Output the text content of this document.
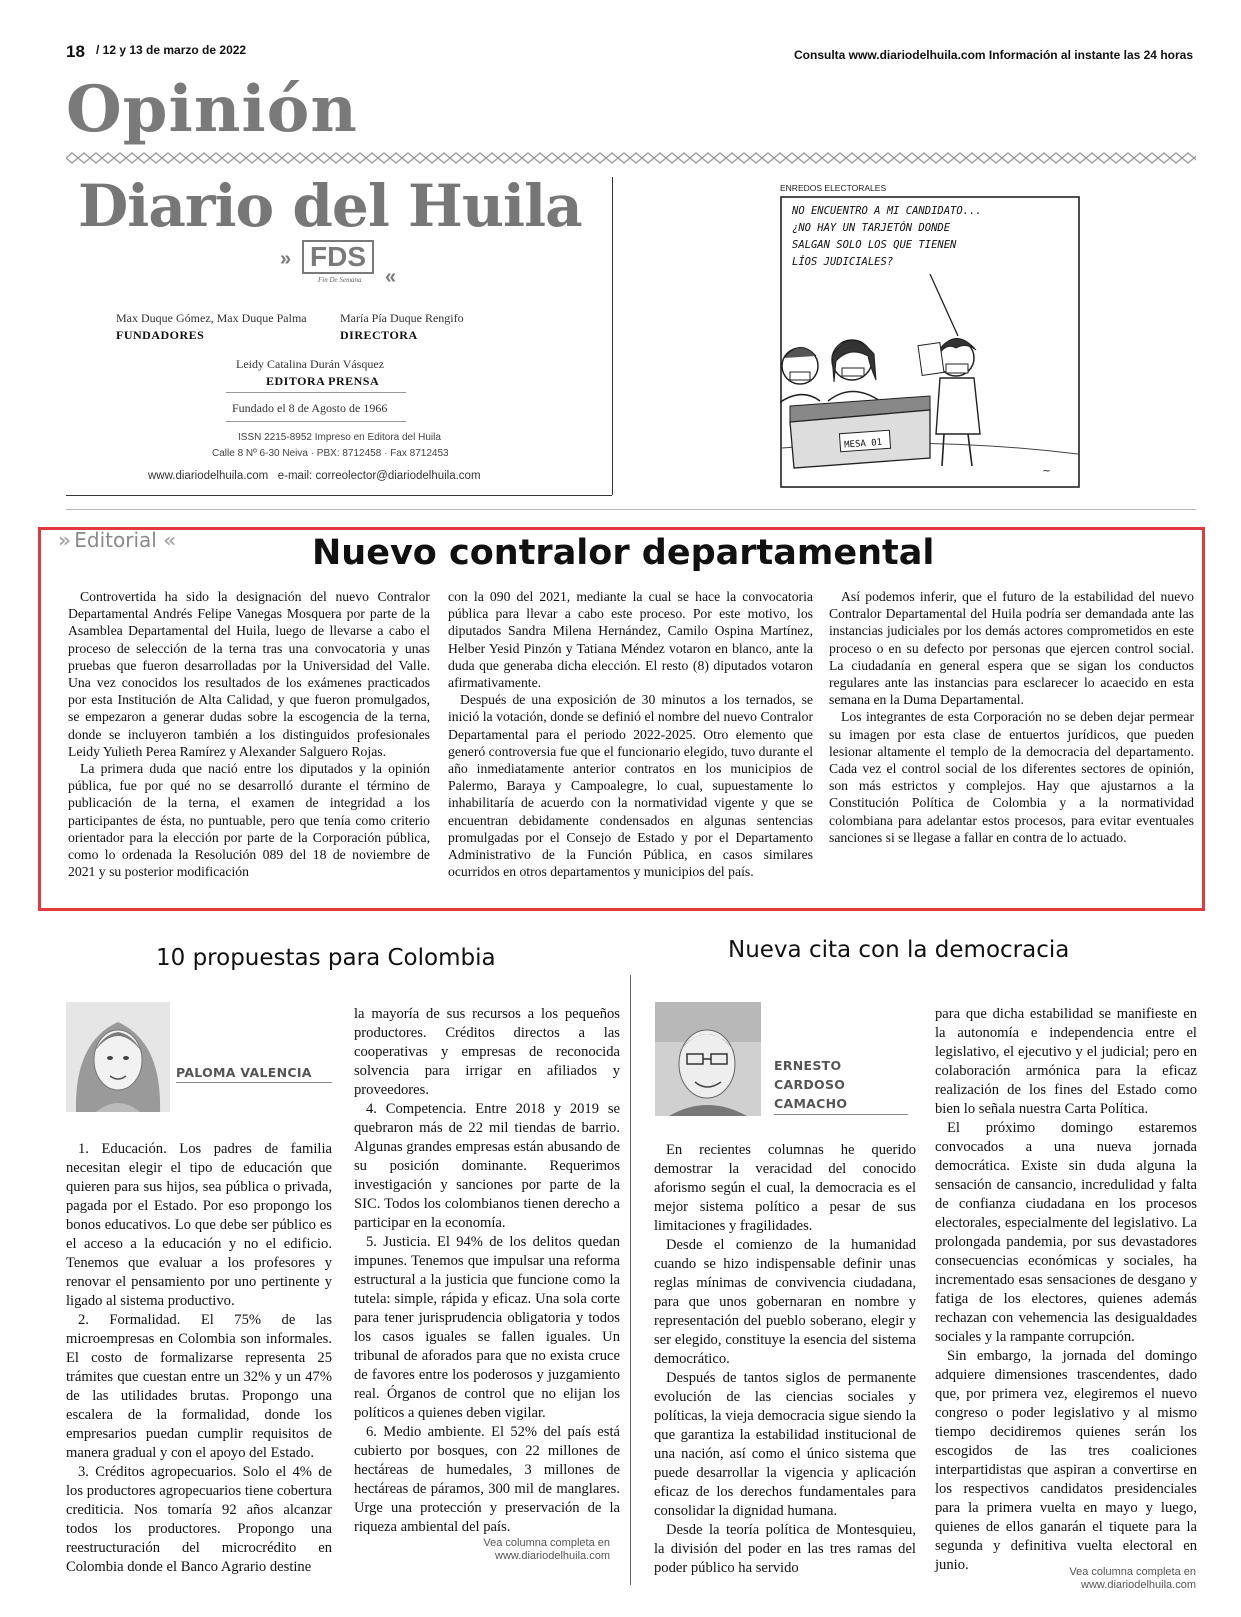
18 / 12 y 13 de marzo de 2022	Consulta www.diariodelhuila.com Información al instante las 24 horas
Opinión
Diario del Huila
» FDS
Fin De Semana «
Max Duque Gómez, Max Duque Palma
FUNDADORES
María Pía Duque Rengifo
DIRECTORA
Leidy Catalina Durán Vásquez
EDITORA PRENSA
Fundado el 8 de Agosto de 1966
ISSN 2215-8952 Impreso en Editora del Huila
Calle 8 Nº 6-30 Neiva · PBX: 8712458 · Fax 8712453
www.diariodelhuila.com   e-mail: correolector@diariodelhuila.com
ENREDOS ELECTORALES
NO ENCUENTRO A MI CANDIDATO...
¿NO HAY UN TARJETÓN DONDE
SALGAN SOLO LOS QUE TIENEN
LÍOS JUDICIALES?
MESA 01
~
» Editorial «	Nuevo contralor departamental

Controvertida ha sido la designación del nuevo Contralor Departamental Andrés Felipe Vanegas Mosquera por parte de la Asamblea Departamental del Huila, luego de llevarse a cabo el proceso de selección de la terna tras una convocatoria y unas pruebas que fueron desarrolladas por la Universidad del Valle. Una vez conocidos los resultados de los exámenes practicados por esta Institución de Alta Calidad, y que fueron promulgados, se empezaron a generar dudas sobre la escogencia de la terna, donde se incluyeron también a los distinguidos profesionales Leidy Yulieth Perea Ramírez y Alexander Salguero Rojas.

La primera duda que nació entre los diputados y la opinión pública, fue por qué no se desarrolló durante el término de publicación de la terna, el examen de integridad a los participantes de ésta, no puntuable, pero que tenía como criterio orientador para la elección por parte de la Corporación pública, como lo ordenada la Resolución 089 del 18 de noviembre de 2021 y su posterior modificación

con la 090 del 2021, mediante la cual se hace la convocatoria pública para llevar a cabo este proceso. Por este motivo, los diputados Sandra Milena Hernández, Camilo Ospina Martínez, Helber Yesid Pinzón y Tatiana Méndez votaron en blanco, ante la duda que generaba dicha elección. El resto (8) diputados votaron afirmativamente.

Después de una exposición de 30 minutos a los ternados, se inició la votación, donde se definió el nombre del nuevo Contralor Departamental para el periodo 2022-2025. Otro elemento que generó controversia fue que el funcionario elegido, tuvo durante el año inmediatamente anterior contratos en los municipios de Palermo, Baraya y Campoalegre, lo cual, supuestamente lo inhabilitaría de acuerdo con la normatividad vigente y que se encuentran debidamente condensados en algunas sentencias promulgadas por el Consejo de Estado y por el Departamento Administrativo de la Función Pública, en casos similares ocurridos en otros departamentos y municipios del país.

Así podemos inferir, que el futuro de la estabilidad del nuevo Contralor Departamental del Huila podría ser demandada ante las instancias judiciales por los demás actores comprometidos en este proceso o en su defecto por personas que ejercen control social. La ciudadanía en general espera que se sigan los conductos regulares ante las instancias para esclarecer lo acaecido en esta semana en la Duma Departamental.

Los integrantes de esta Corporación no se deben dejar permear su imagen por esta clase de entuertos jurídicos, que pueden lesionar altamente el templo de la democracia del departamento. Cada vez el control social de los diferentes sectores de opinión, son más estrictos y complejos. Hay que ajustarnos a la Constitución Política de Colombia y a la normatividad colombiana para adelantar estos procesos, para evitar eventuales sanciones si se llegase a fallar en contra de lo actuado.

10 propuestas para Colombia
PALOMA VALENCIA

1. Educación. Los padres de familia necesitan elegir el tipo de educación que quieren para sus hijos, sea pública o privada, pagada por el Estado. Por eso propongo los bonos educativos. Lo que debe ser público es el acceso a la educación y no el edificio. Tenemos que evaluar a los profesores y renovar el pensamiento por uno pertinente y ligado al sistema productivo.

2. Formalidad. El 75% de las microempresas en Colombia son informales. El costo de formalizarse representa 25 trámites que cuestan entre un 32% y un 47% de las utilidades brutas. Propongo una escalera de la formalidad, donde los empresarios puedan cumplir requisitos de manera gradual y con el apoyo del Estado.

3. Créditos agropecuarios. Solo el 4% de los productores agropecuarios tiene cobertura crediticia. Nos tomaría 92 años alcanzar todos los productores. Propongo una reestructuración del microcrédito en Colombia donde el Banco Agrario destine

la mayoría de sus recursos a los pequeños productores. Créditos directos a las cooperativas y empresas de reconocida solvencia para irrigar en afiliados y proveedores.

4. Competencia. Entre 2018 y 2019 se quebraron más de 22 mil tiendas de barrio. Algunas grandes empresas están abusando de su posición dominante. Requerimos investigación y sanciones por parte de la SIC. Todos los colombianos tienen derecho a participar en la economía.

5. Justicia. El 94% de los delitos quedan impunes. Tenemos que impulsar una reforma estructural a la justicia que funcione como la tutela: simple, rápida y eficaz. Una sola corte para tener jurisprudencia obligatoria y todos los casos iguales se fallen iguales. Un tribunal de aforados para que no exista cruce de favores entre los poderosos y juzgamiento real. Órganos de control que no elijan los políticos a quienes deben vigilar.

6. Medio ambiente. El 52% del país está cubierto por bosques, con 22 millones de hectáreas de humedales, 3 millones de hectáreas de páramos, 300 mil de manglares. Urge una protección y preservación de la riqueza ambiental del país.

Vea columna completa en
www.diariodelhuila.com
Nueva cita con la democracia
ERNESTO
CARDOSO
CAMACHO

En recientes columnas he querido demostrar la veracidad del conocido aforismo según el cual, la democracia es el mejor sistema político a pesar de sus limitaciones y fragilidades.

Desde el comienzo de la humanidad cuando se hizo indispensable definir unas reglas mínimas de convivencia ciudadana, para que unos gobernaran en nombre y representación del pueblo soberano, elegir y ser elegido, constituye la esencia del sistema democrático.

Después de tantos siglos de permanente evolución de las ciencias sociales y políticas, la vieja democracia sigue siendo la que garantiza la estabilidad institucional de una nación, así como el único sistema que puede desarrollar la vigencia y aplicación eficaz de los derechos fundamentales para consolidar la dignidad humana.

Desde la teoría política de Montesquieu, la división del poder en las tres ramas del poder público ha servido

para que dicha estabilidad se manifieste en la autonomía e independencia entre el legislativo, el ejecutivo y el judicial; pero en colaboración armónica para la eficaz realización de los fines del Estado como bien lo señala nuestra Carta Política.

El próximo domingo estaremos convocados a una nueva jornada democrática. Existe sin duda alguna la sensación de cansancio, incredulidad y falta de confianza ciudadana en los procesos electorales, especialmente del legislativo. La prolongada pandemia, por sus devastadores consecuencias económicas y sociales, ha incrementado esas sensaciones de desgano y fatiga de los electores, quienes además rechazan con vehemencia las desigualdades sociales y la rampante corrupción.

Sin embargo, la jornada del domingo adquiere dimensiones trascendentes, dado que, por primera vez, elegiremos el nuevo congreso o poder legislativo y al mismo tiempo decidiremos quienes serán los escogidos de las tres coaliciones interpartidistas que aspiran a convertirse en los respectivos candidatos presidenciales para la primera vuelta en mayo y luego, quienes de ellos ganarán el tiquete para la segunda y definitiva vuelta electoral en junio.	Vea columna completa en
www.diariodelhuila.com
